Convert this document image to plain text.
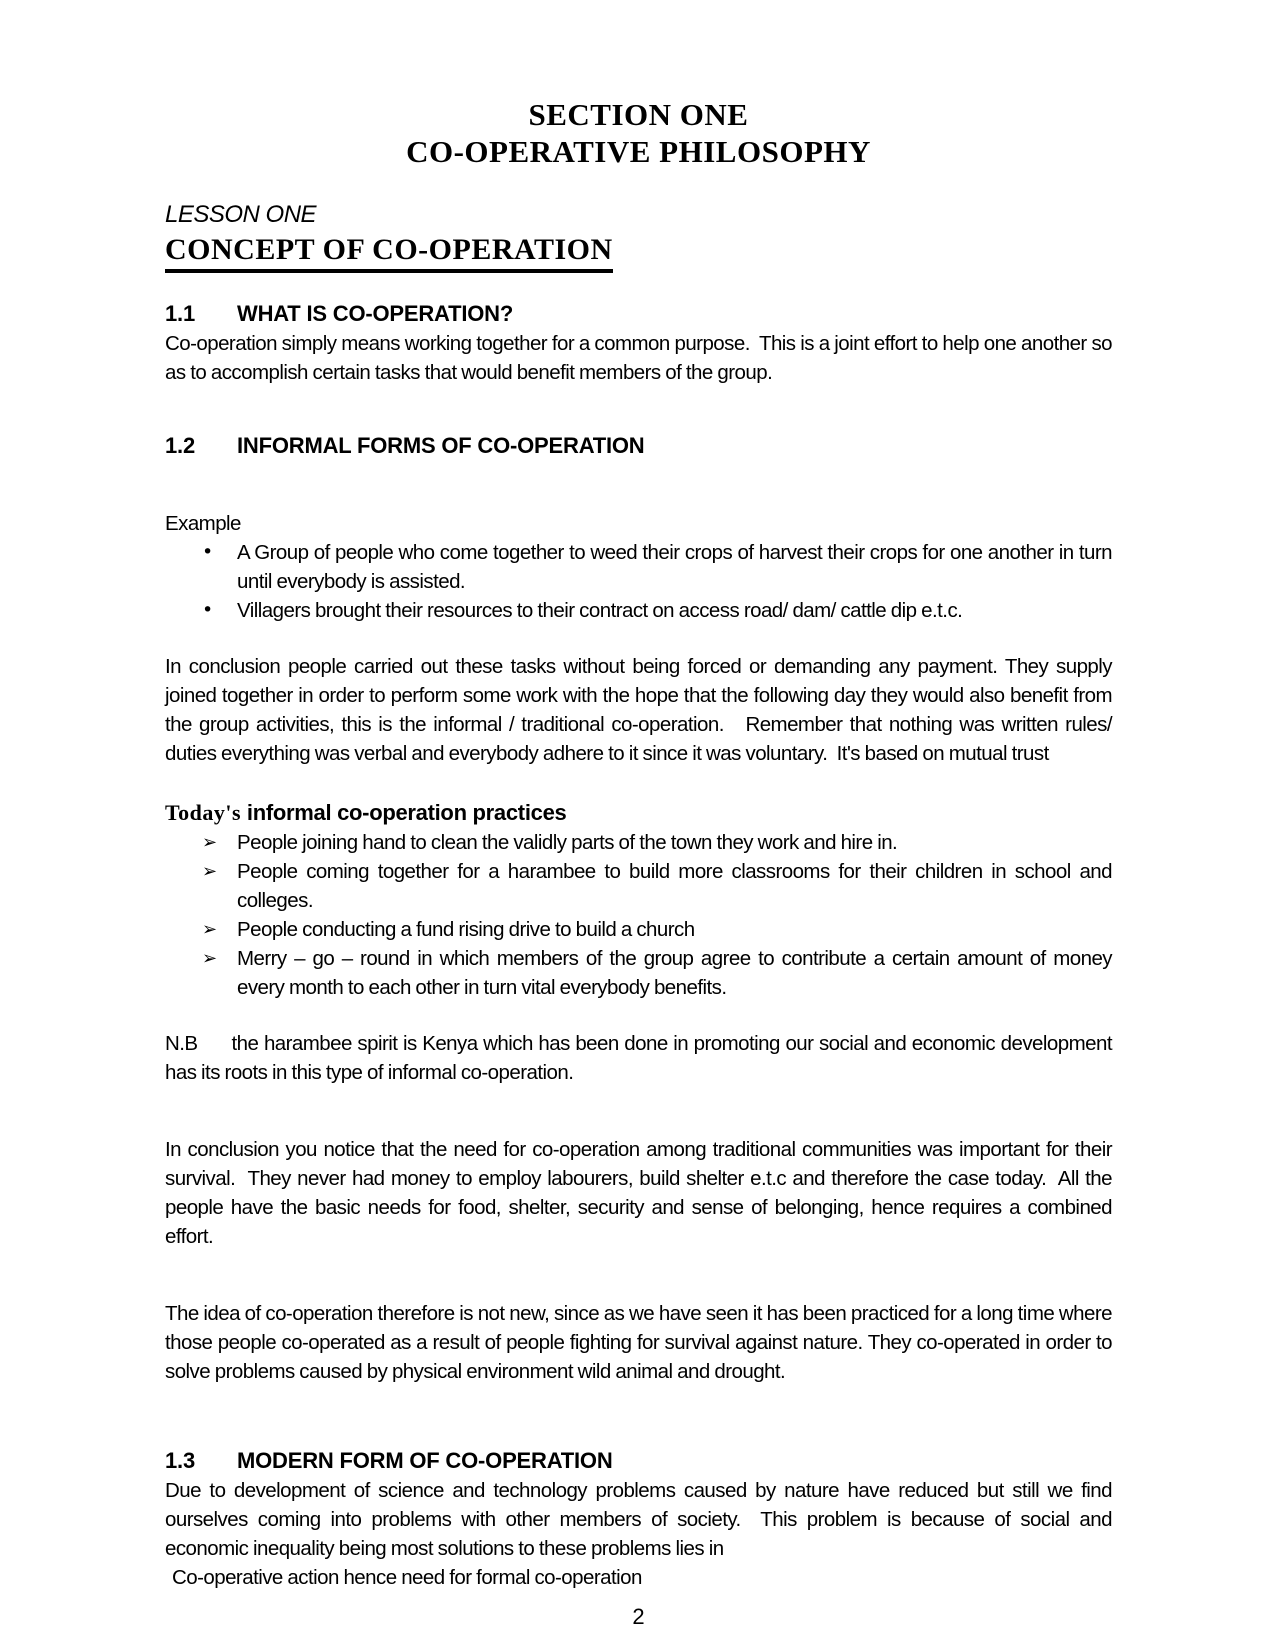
SECTION ONE
CO-OPERATIVE PHILOSOPHY
LESSON ONE
CONCEPT OF CO-OPERATION
1.1	WHAT IS CO-OPERATION?

Co-operation simply means working together for a common purpose.  This is a joint effort to help one another so as to accomplish certain tasks that would benefit members of the group.

1.2	INFORMAL FORMS OF CO-OPERATION

Example

•	A Group of people who come together to weed their crops of harvest their crops for one another in turn until everybody is assisted.
•	Villagers brought their resources to their contract on access road/ dam/ cattle dip e.t.c.

In conclusion people carried out these tasks without being forced or demanding any payment. They supply joined together in order to perform some work with the hope that the following day they would also benefit from the group activities, this is the informal / traditional co-operation.   Remember that nothing was written rules/ duties everything was verbal and everybody adhere to it since it was voluntary.  It's based on mutual trust

Today's informal co-operation practices
➢ People joining hand to clean the validly parts of the town they work and hire in.
➢ People coming together for a harambee to build more classrooms for their children in school and colleges.
➢ People conducting a fund rising drive to build a church
➢ Merry – go – round in which members of the group agree to contribute a certain amount of money every month to each other in turn vital everybody benefits.

N.B the harambee spirit is Kenya which has been done in promoting our social and economic development has its roots in this type of informal co-operation.

In conclusion you notice that the need for co-operation among traditional communities was important for their survival.  They never had money to employ labourers, build shelter e.t.c and therefore the case today.  All the people have the basic needs for food, shelter, security and sense of belonging, hence requires a combined effort.

The idea of co-operation therefore is not new, since as we have seen it has been practiced for a long time where those people co-operated as a result of people fighting for survival against nature. They co-operated in order to solve problems caused by physical environment wild animal and drought.

1.3	MODERN FORM OF CO-OPERATION

Due to development of science and technology problems caused by nature have reduced but still we find ourselves coming into problems with other members of society.  This problem is because of social and economic inequality being most solutions to these problems lies in

Co-operative action hence need for formal co-operation

2
